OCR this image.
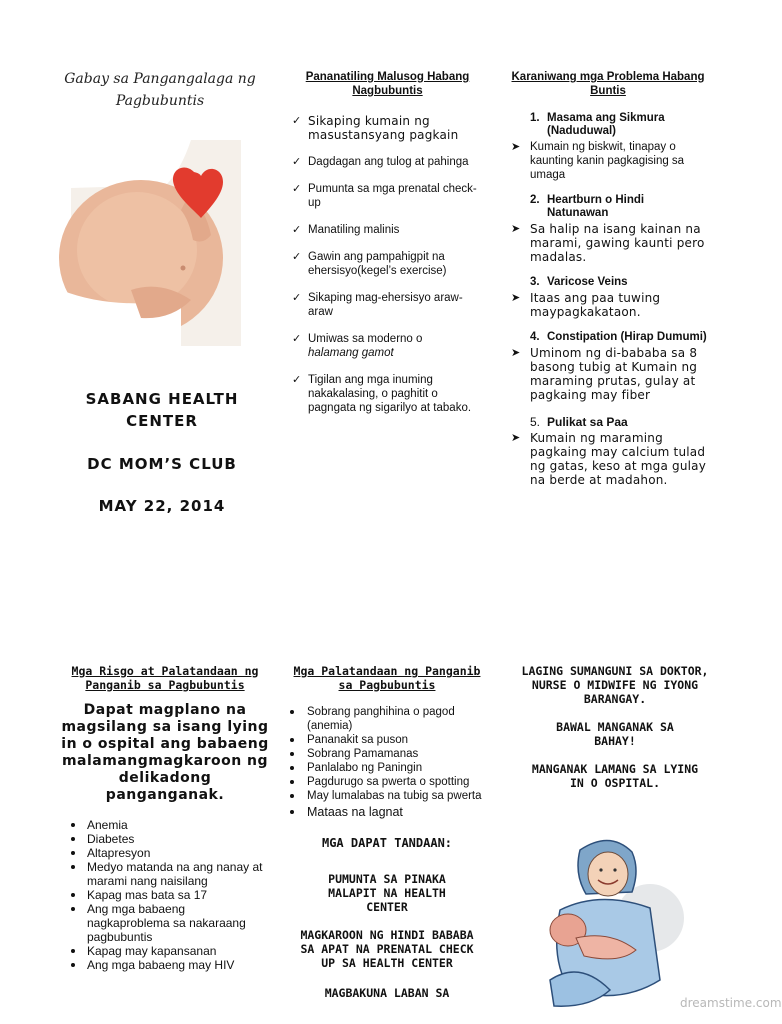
Gabay sa Pangangalaga ng Pagbubuntis
SABANG HEALTH CENTER
DC MOM’S CLUB
MAY 22, 2014
Pananatiling Malusog Habang Nagbubuntis
✓ Sikaping kumain ng masustansyang pagkain
✓ Dagdagan ang tulog at pahinga
✓ Pumunta sa mga prenatal check-up
✓ Manatiling malinis
✓ Gawin ang pampahigpit na ehersisyo(kegel’s exercise)
✓ Sikaping mag-ehersisyo araw-araw
✓ Umiwas sa moderno o
halamang gamot
✓ Tigilan ang mga inuming nakakalasing, o paghitit o pagngata ng sigarilyo at tabako.
Karaniwang mga Problema Habang Buntis
1. Masama ang Sikmura (Naduduwal)
➤ Kumain ng biskwit, tinapay o kaunting kanin pagkagising sa umaga
2. Heartburn o Hindi Natunawan
➤ Sa halip na isang kainan na marami, gawing kaunti pero madalas.
3. Varicose Veins
➤ Itaas ang paa tuwing maypagkakataon.
4. Constipation (Hirap Dumumi)
➤ Uminom ng di-bababa sa 8 basong tubig at Kumain ng maraming prutas, gulay at pagkaing may fiber
5. Pulikat sa Paa
➤ Kumain ng maraming pagkaing may calcium tulad ng gatas, keso at mga gulay na berde at madahon.
Mga Risgo at Palatandaan ng Panganib sa Pagbubuntis
Dapat magplano na magsilang sa isang lying in o ospital ang babaeng malamangmagkaroon ng delikadong panganganak.
Anemia
Diabetes
Altapresyon
Medyo matanda na ang nanay at marami nang naisilang
Kapag mas bata sa 17
Ang mga babaeng nagkaproblema sa nakaraang pagbubuntis
Kapag may kapansanan
Ang mga babaeng may HIV
Mga Palatandaan ng Panganib sa Pagbubuntis
Sobrang panghihina o pagod (anemia)
Pananakit sa puson
Sobrang Pamamanas
Panlalabo ng Paningin
Pagdurugo sa pwerta o spotting
May lumalabas na tubig sa pwerta
Mataas na lagnat
MGA DAPAT TANDAAN:
PUMUNTA SA PINAKA MALAPIT NA HEALTH CENTER
MAGKAROON NG HINDI BABABA SA APAT NA PRENATAL CHECK UP SA HEALTH CENTER
MAGBAKUNA LABAN SA
LAGING SUMANGUNI SA DOKTOR, NURSE O MIDWIFE NG IYONG BARANGAY.
BAWAL MANGANAK SA BAHAY!
MANGANAK LAMANG SA LYING IN O OSPITAL.
dreamstime.com
